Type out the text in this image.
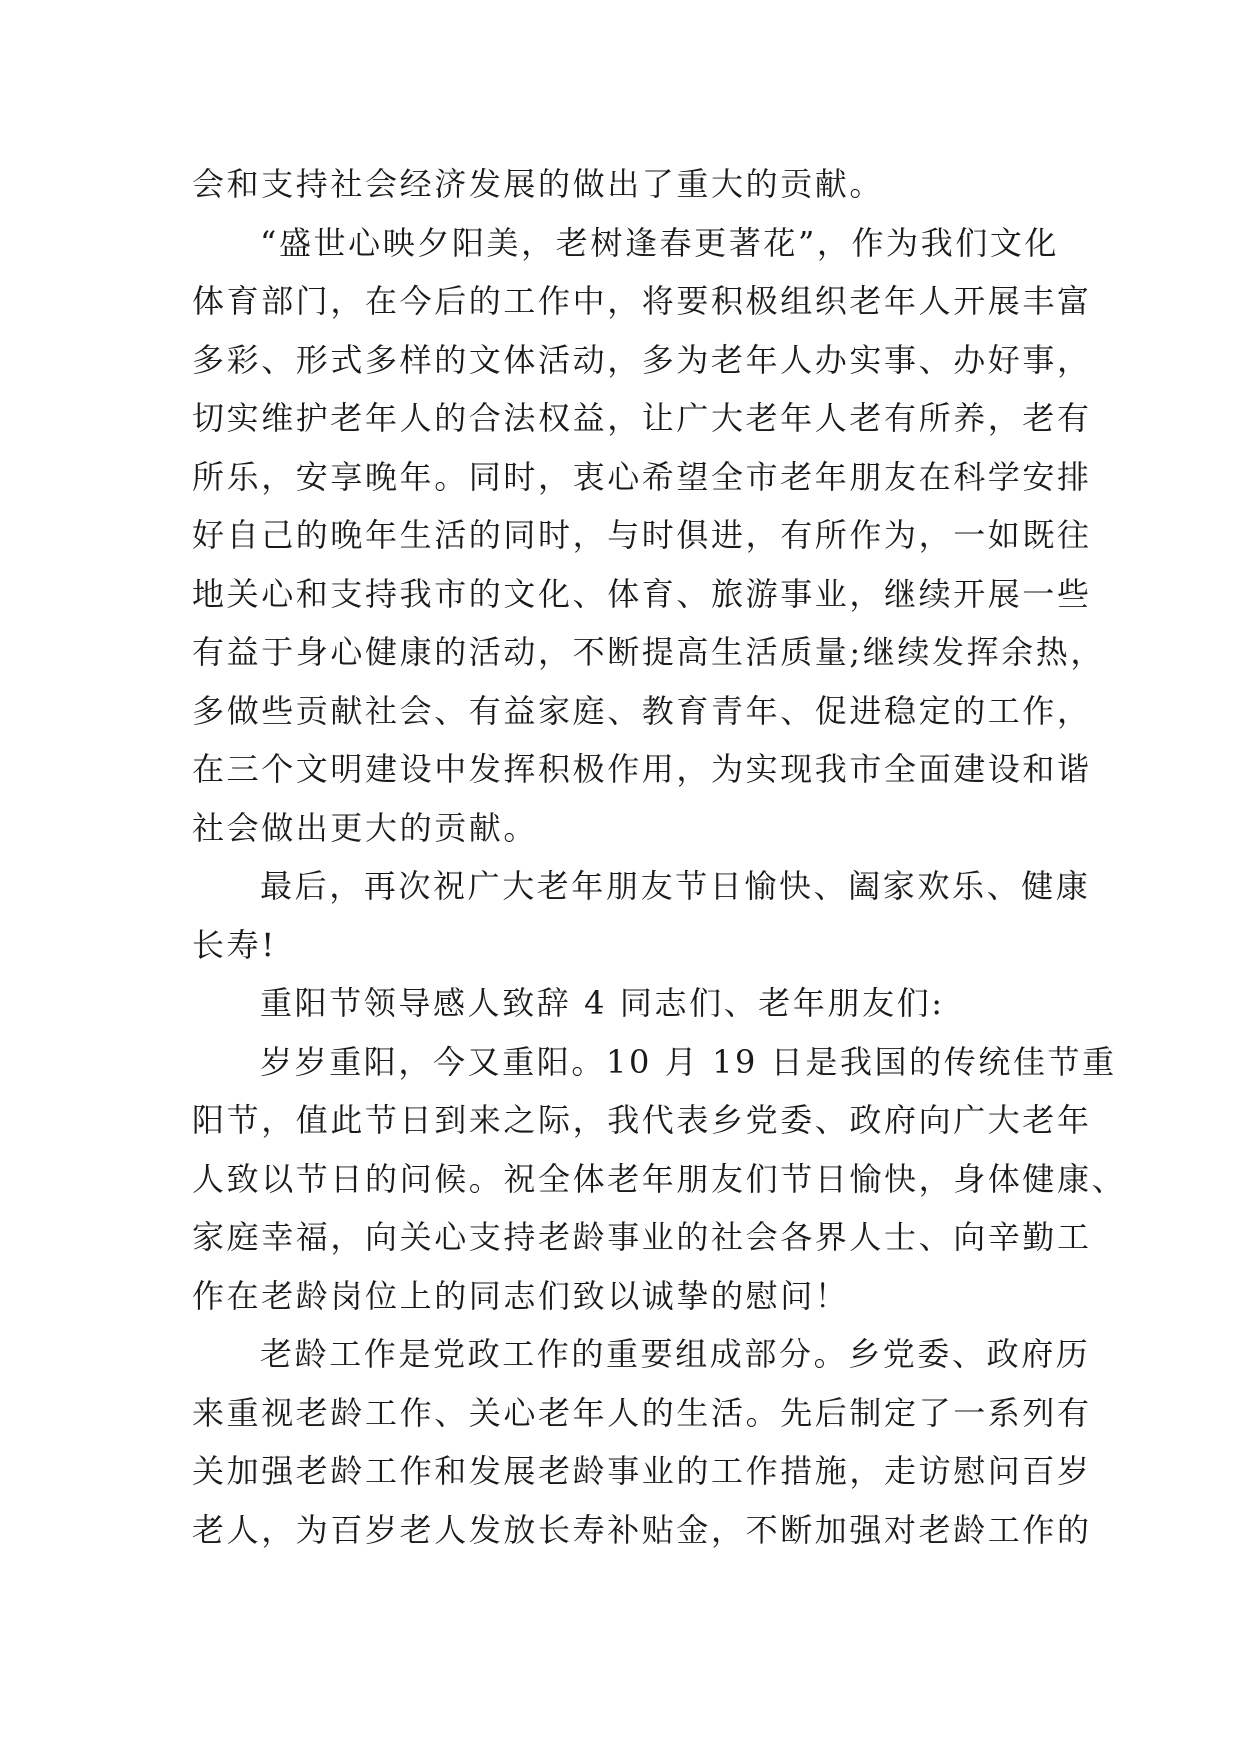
会和支持社会经济发展的做出了重大的贡献。
“盛世心映夕阳美，老树逢春更著花”，作为我们文化
体育部门，在今后的工作中，将要积极组织老年人开展丰富
多彩、形式多样的文体活动，多为老年人办实事、办好事，
切实维护老年人的合法权益，让广大老年人老有所养，老有
所乐，安享晚年。同时，衷心希望全市老年朋友在科学安排
好自己的晚年生活的同时，与时俱进，有所作为，一如既往
地关心和支持我市的文化、体育、旅游事业，继续开展一些
有益于身心健康的活动，不断提高生活质量;继续发挥余热，
多做些贡献社会、有益家庭、教育青年、促进稳定的工作，
在三个文明建设中发挥积极作用，为实现我市全面建设和谐
社会做出更大的贡献。
最后，再次祝广大老年朋友节日愉快、阖家欢乐、健康
长寿!
重阳节领导感人致辞 4 同志们、老年朋友们:
岁岁重阳，今又重阳。10 月 19 日是我国的传统佳节重
阳节，值此节日到来之际，我代表乡党委、政府向广大老年
人致以节日的问候。祝全体老年朋友们节日愉快，身体健康、
家庭幸福，向关心支持老龄事业的社会各界人士、向辛勤工
作在老龄岗位上的同志们致以诚挚的慰问！
老龄工作是党政工作的重要组成部分。乡党委、政府历
来重视老龄工作、关心老年人的生活。先后制定了一系列有
关加强老龄工作和发展老龄事业的工作措施，走访慰问百岁
老人，为百岁老人发放长寿补贴金，不断加强对老龄工作的
